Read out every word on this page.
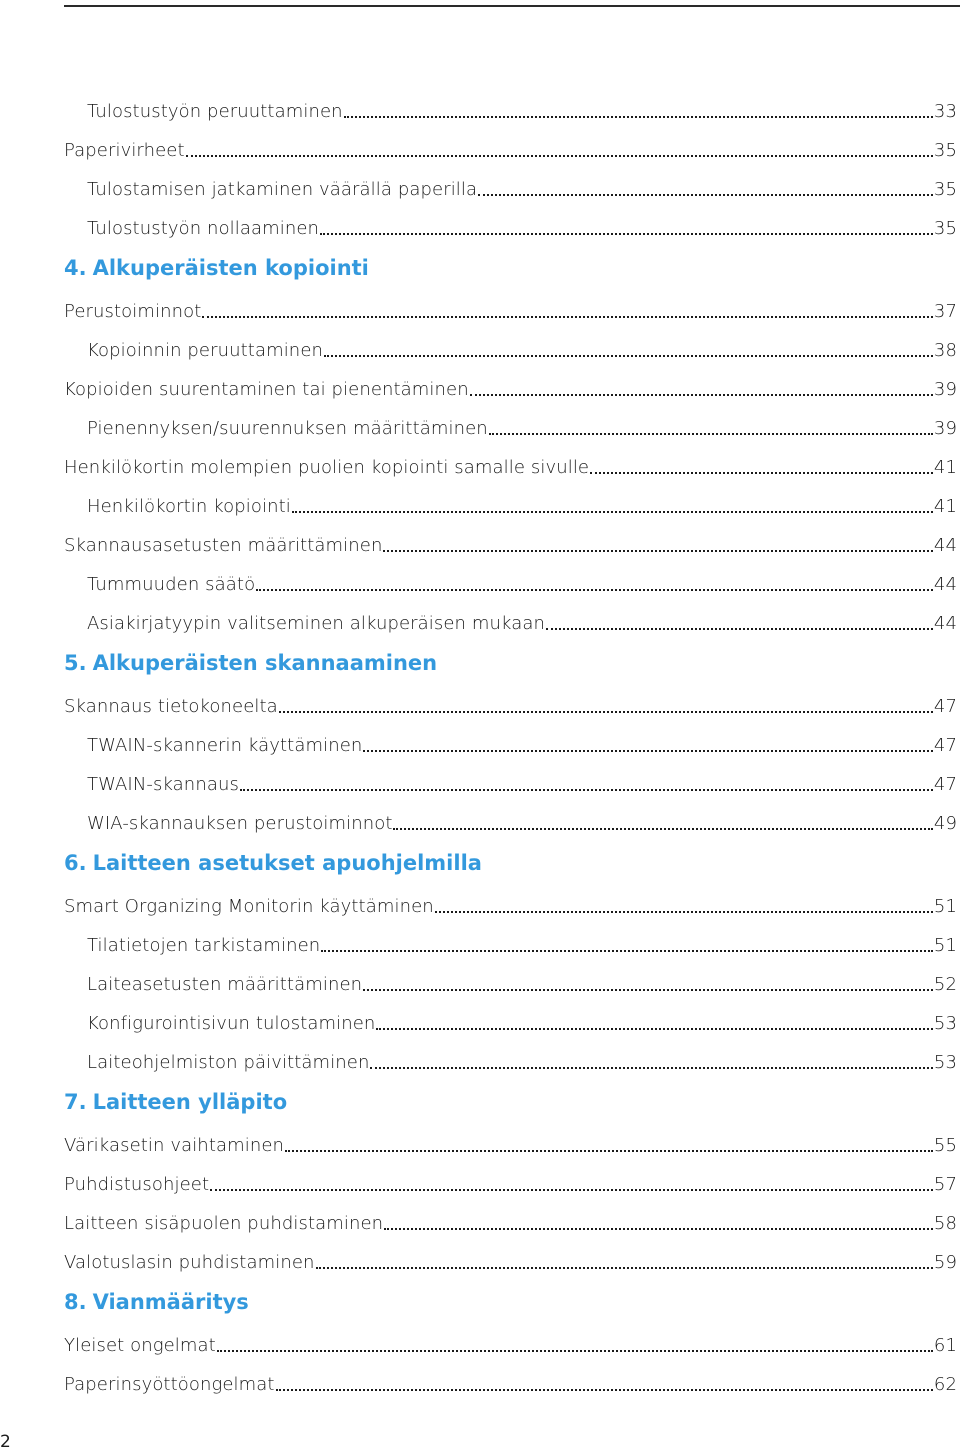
Tulostustyön peruuttaminen	33
Paperivirheet	35
Tulostamisen jatkaminen väärällä paperilla	35
Tulostustyön nollaaminen	35
4. Alkuperäisten kopiointi
Perustoiminnot	37
Kopioinnin peruuttaminen	38
Kopioiden suurentaminen tai pienentäminen	39
Pienennyksen/suurennuksen määrittäminen	39
Henkilökortin molempien puolien kopiointi samalle sivulle	41
Henkilökortin kopiointi	41
Skannausasetusten määrittäminen	44
Tummuuden säätö	44
Asiakirjatyypin valitseminen alkuperäisen mukaan	44
5. Alkuperäisten skannaaminen
Skannaus tietokoneelta	47
TWAIN-skannerin käyttäminen	47
TWAIN-skannaus	47
WIA-skannauksen perustoiminnot	49
6. Laitteen asetukset apuohjelmilla
Smart Organizing Monitorin käyttäminen	51
Tilatietojen tarkistaminen	51
Laiteasetusten määrittäminen	52
Konfigurointisivun tulostaminen	53
Laiteohjelmiston päivittäminen	53
7. Laitteen ylläpito
Värikasetin vaihtaminen	55
Puhdistusohjeet	57
Laitteen sisäpuolen puhdistaminen	58
Valotuslasin puhdistaminen	59
8. Vianmääritys
Yleiset ongelmat	61
Paperinsyöttöongelmat	62
2
